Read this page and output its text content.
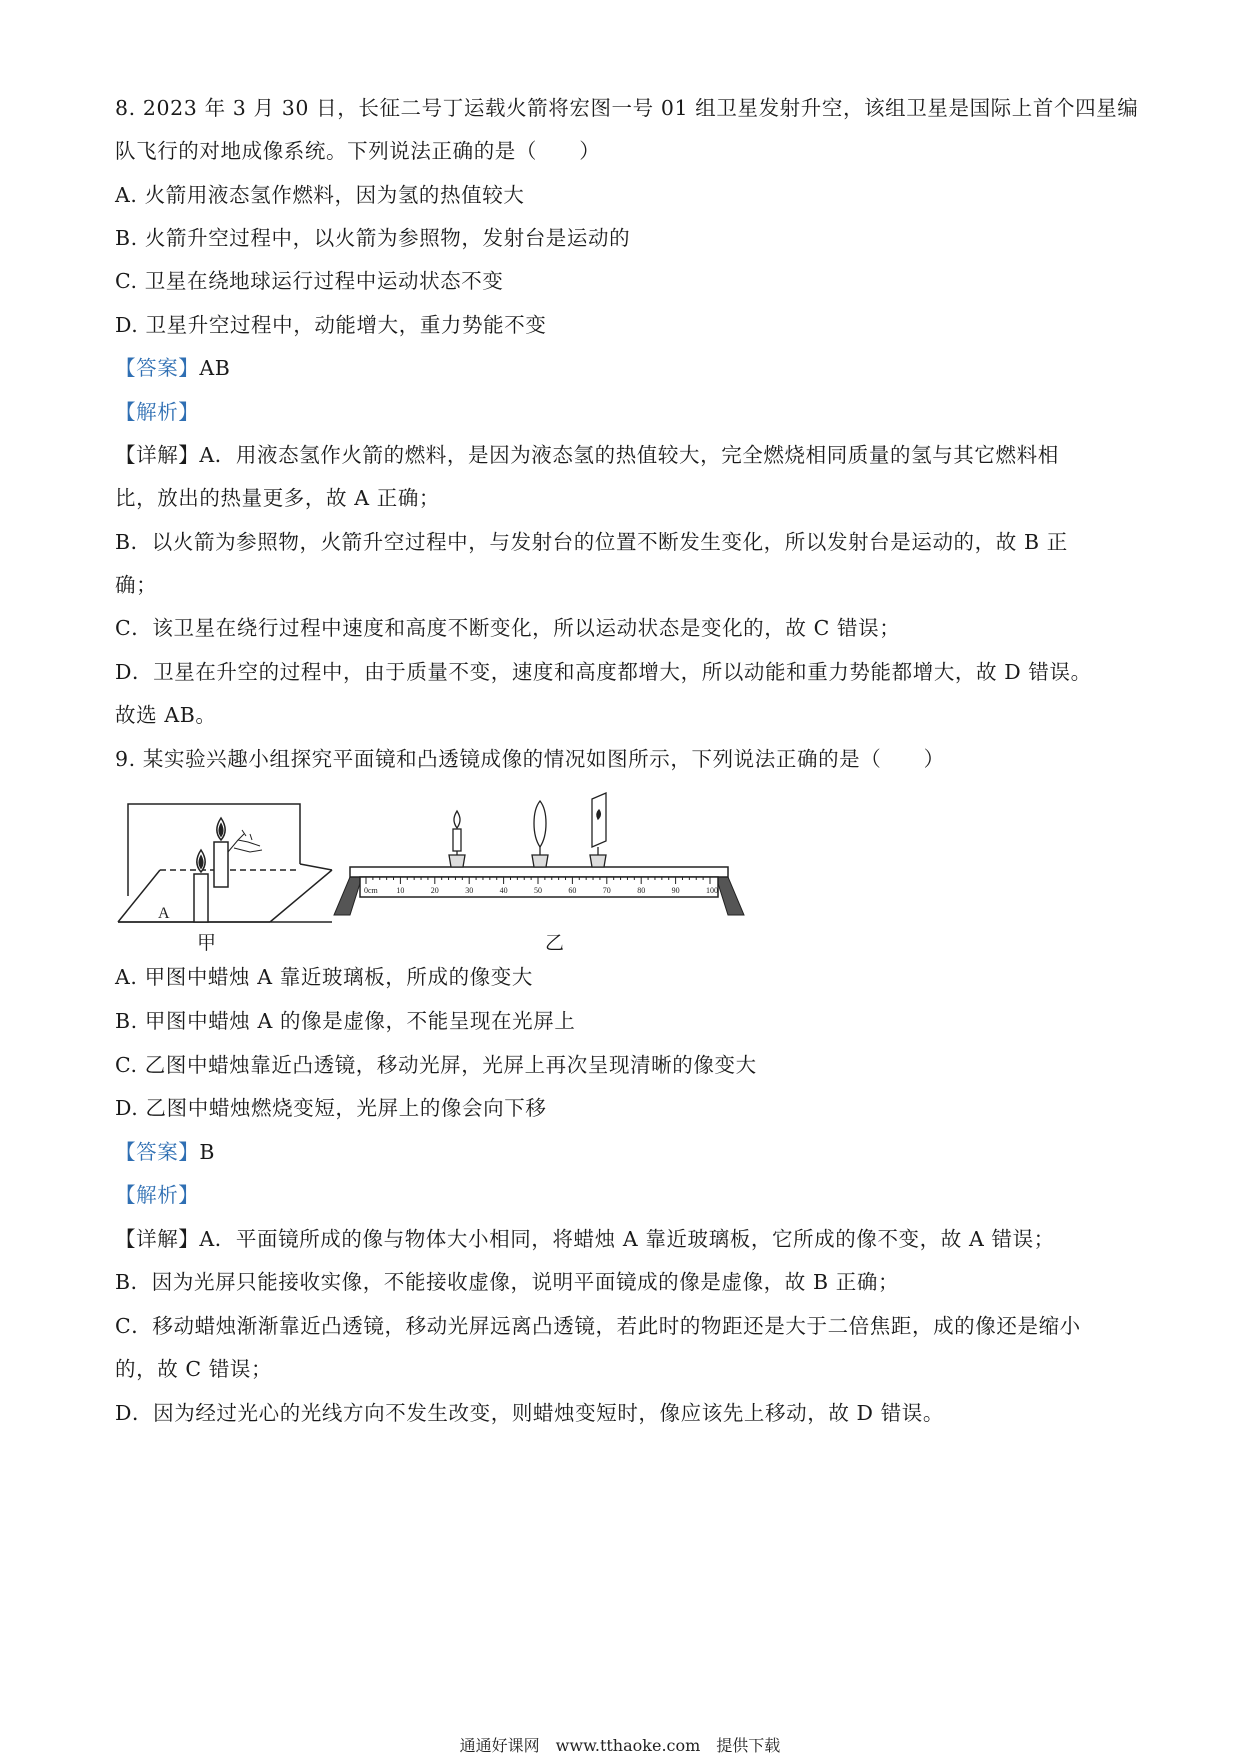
8. 2023 年 3 月 30 日，长征二号丁运载火箭将宏图一号 01 组卫星发射升空，该组卫星是国际上首个四星编
队飞行的对地成像系统。下列说法正确的是（　　）
A. 火箭用液态氢作燃料，因为氢的热值较大
B. 火箭升空过程中，以火箭为参照物，发射台是运动的
C. 卫星在绕地球运行过程中运动状态不变
D. 卫星升空过程中，动能增大，重力势能不变
【答案】AB
【解析】
【详解】A．用液态氢作火箭的燃料，是因为液态氢的热值较大，完全燃烧相同质量的氢与其它燃料相
比，放出的热量更多，故 A 正确；
B．以火箭为参照物，火箭升空过程中，与发射台的位置不断发生变化，所以发射台是运动的，故 B 正
确；
C．该卫星在绕行过程中速度和高度不断变化，所以运动状态是变化的，故 C 错误；
D．卫星在升空的过程中，由于质量不变，速度和高度都增大，所以动能和重力势能都增大，故 D 错误。
故选 AB。
9. 某实验兴趣小组探究平面镜和凸透镜成像的情况如图所示，下列说法正确的是（　　）
A
甲
0cm 10	20	30	40	50	60	70	80	90	100
乙
A. 甲图中蜡烛 A 靠近玻璃板，所成的像变大
B. 甲图中蜡烛 A 的像是虚像，不能呈现在光屏上
C. 乙图中蜡烛靠近凸透镜，移动光屏，光屏上再次呈现清晰的像变大
D. 乙图中蜡烛燃烧变短，光屏上的像会向下移
【答案】B
【解析】
【详解】A．平面镜所成的像与物体大小相同，将蜡烛 A 靠近玻璃板，它所成的像不变，故 A 错误；
B．因为光屏只能接收实像，不能接收虚像，说明平面镜成的像是虚像，故 B 正确；
C．移动蜡烛渐渐靠近凸透镜，移动光屏远离凸透镜，若此时的物距还是大于二倍焦距，成的像还是缩小
的，故 C 错误；
D．因为经过光心的光线方向不发生改变，则蜡烛变短时，像应该先上移动，故 D 错误。
通通好课网　www.tthaoke.com　提供下载
